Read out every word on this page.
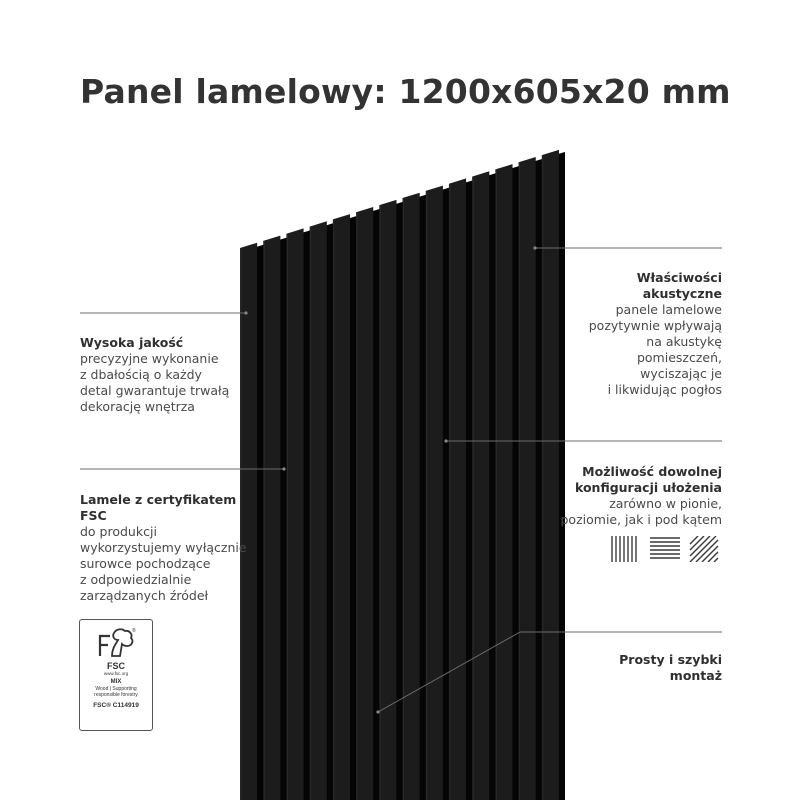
Panel lamelowy: 1200x605x20 mm
Wysoka jakość
precyzyjne wykonanie
z dbałością o każdy
detal gwarantuje trwałą
dekorację wnętrza
Lamele z certyfikatem
FSC
do produkcji
wykorzystujemy wyłącznie
surowce pochodzące
z odpowiedzialnie
zarządzanych źródeł
Właściwości
akustyczne
panele lamelowe
pozytywnie wpływają
na akustykę
pomieszczeń,
wyciszając je
i likwidując pogłos
Możliwość dowolnej
konfiguracji ułożenia
zarówno w pionie,
poziomie, jak i pod kątem
Prosty i szybki
montaż
®
FSC
www.fsc.org
MIX
Wood | Supporting
responsible forestry
FSC® C114919
